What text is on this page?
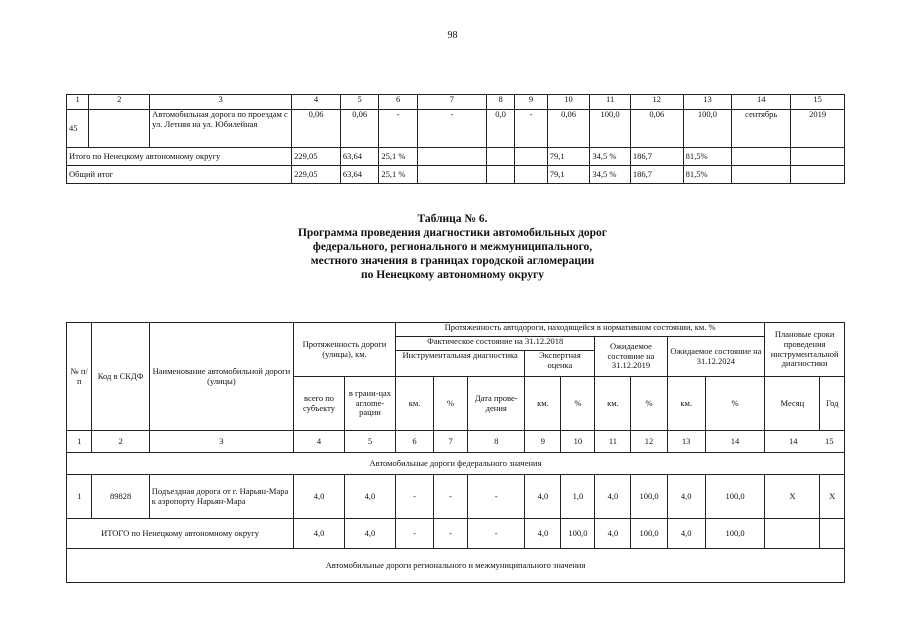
98
1	2	3	4	5	6	7	8	9	10	11	12	13	14	15
45		Автомобильная дорога по проездам с ул. Летняя на ул. Юбилейная	0,06	0,06	-	-	0,0	-	0,06	100,0	0,06	100,0	сентябрь	2019
Итого по Ненецкому автономному округу			229,05	63,64	25,1 %				79,1	34,5 %	186,7	81,5%		
Общий итог			229,05	63,64	25,1 %				79,1	34,5 %	186,7	81,5%		
Таблица № 6.
Программа проведения диагностики автомобильных дорог
федерального, регионального и межмуниципального,
местного значения в границах городской агломерации
по Ненецкому автономному округу
№ п/п	Код в СКДФ	Наименование автомобильной дороги (улицы)	Протяженность дороги (улицы), км.		Протяженность автодороги, находящейся в нормативном состоянии, км. %									Плановые сроки проведения инструментальной диагностики	
					Фактическое состояние на 31.12.2018					Ожидаемое состояние на 31.12.2019		Ожидаемое состояние на 31.12.2024			
					Инструментальная диагностика			Экспертная оценка							
			всего по субъекту	в грани-цах аглome-рации	км.	%	Дата прове-дения	км.	%	км.	%	км.	%	Месяц	Год
1	2	3	4	5	6	7	8	9	10	11	12	13	14	14 15	
Автомобильные дороги федерального значения															
1	89828	Подъездная дорога от г. Нарьян-Мара к аэропорту Нарьян-Мара	4,0	4,0	-	-	-	4,0	1,0	4,0	100,0	4,0	100,0	Х	Х
ИТОГО по Ненецкому автономному округу			4,0	4,0	-	-	-	4,0	100,0	4,0	100,0	4,0	100,0		
Автомобильные дороги регионального и межмуниципального значения															
